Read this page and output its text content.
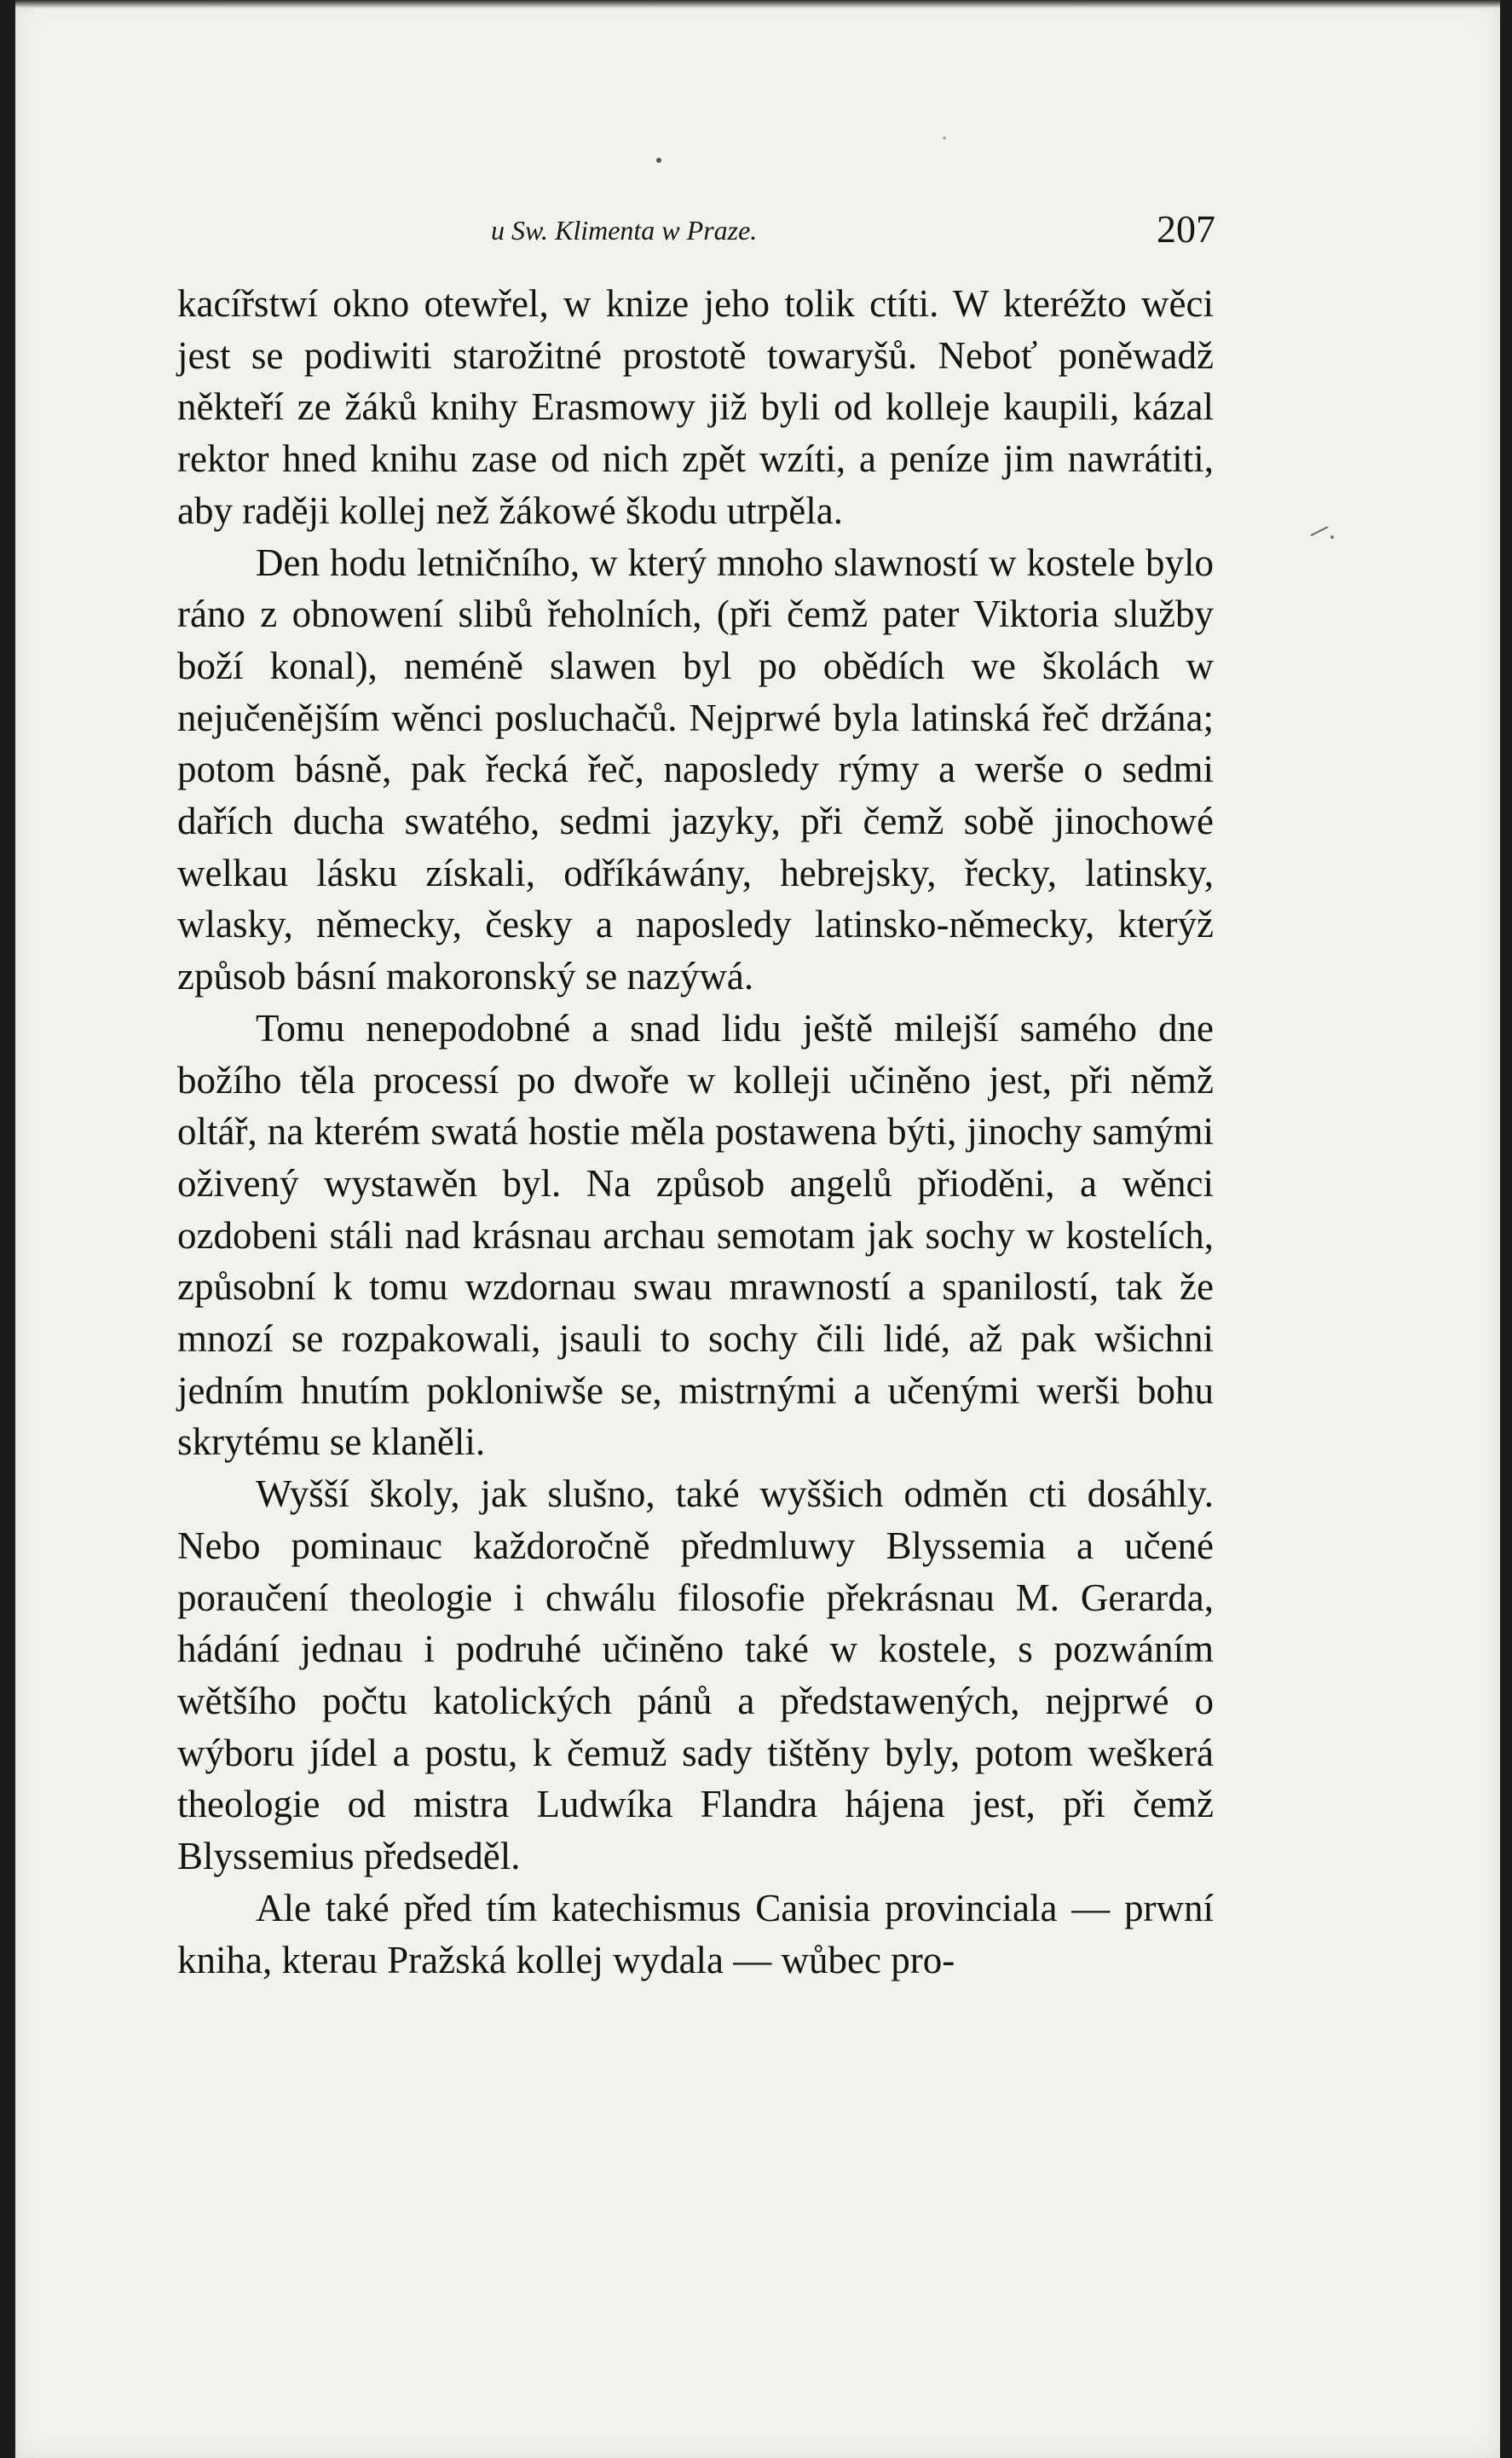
u Sw. Klimenta w Praze.	207

kacířstwí okno otewřel, w knize jeho tolik ctíti. W kteréžto wěci jest se podiwiti starožitné prostotě towaryšů. Neboť poněwadž někteří ze žáků knihy Erasmowy již byli od kolleje kaupili, kázal rektor hned knihu zase od nich zpět wzíti, a peníze jim nawrátiti, aby raději kollej než žákowé škodu utrpěla.

Den hodu letničního, w který mnoho slawností w kostele bylo ráno z obnowení slibů řeholních, (při čemž pater Viktoria služby boží konal), neméně slawen byl po obědích we školách w nejučenějším wěnci posluchačů. Nejprwé byla latinská řeč držána; potom básně, pak řecká řeč, naposledy rýmy a werše o sedmi dařích ducha swatého, sedmi jazyky, při čemž sobě jinochowé welkau lásku získali, odříkáwány, hebrejsky, řecky, latinsky, wlasky, německy, česky a naposledy latinsko-německy, kterýž způsob básní makoronský se nazýwá.

Tomu nenepodobné a snad lidu ještě milejší samého dne božího těla processí po dwoře w kolleji učiněno jest, při němž oltář, na kterém swatá hostie měla postawena býti, jinochy samými oživený wystawěn byl. Na způsob angelů přioděni, a wěnci ozdobeni stáli nad krásnau archau semotam jak sochy w kostelích, způsobní k tomu wzdornau swau mrawností a spanilostí, tak že mnozí se rozpakowali, jsauli to sochy čili lidé, až pak wšichni jedním hnutím pokloniwše se, mistrnými a učenými werši bohu skrytému se klaněli.

Wyšší školy, jak slušno, také wyššich odměn cti dosáhly. Nebo pominauc každoročně předmluwy Blyssemia a učené poraučení theologie i chwálu filosofie překrásnau M. Gerarda, hádání jednau i podruhé učiněno také w kostele, s pozwáním wětšího počtu katolických pánů a předstawených, nejprwé o wýboru jídel a postu, k čemuž sady tištěny byly, potom weškerá theologie od mistra Ludwíka Flandra hájena jest, při čemž Blyssemius předseděl.

Ale také před tím katechismus Canisia provinciala — prwní kniha, kterau Pražská kollej wydala — wůbec pro-
